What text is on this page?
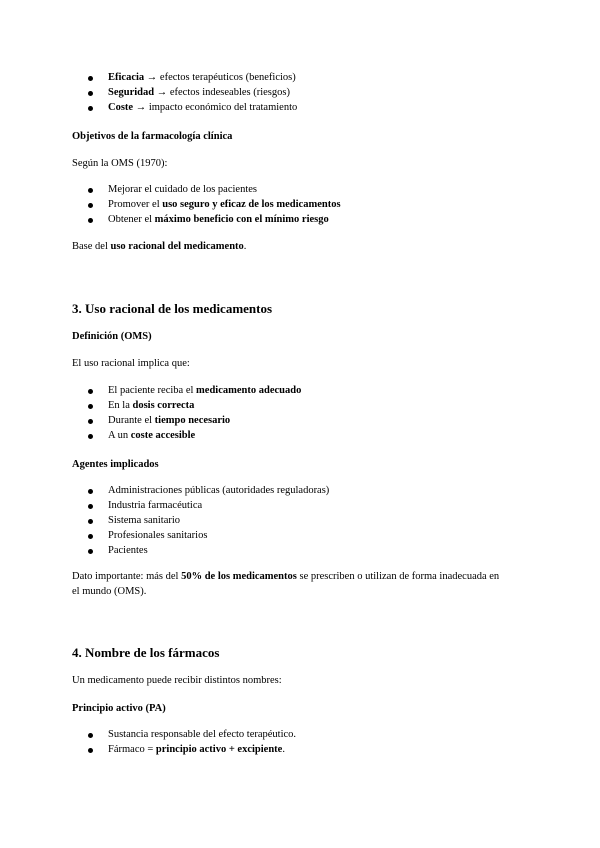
Eficacia → efectos terapéuticos (beneficios)
Seguridad → efectos indeseables (riesgos)
Coste → impacto económico del tratamiento
Objetivos de la farmacología clínica
Según la OMS (1970):
Mejorar el cuidado de los pacientes
Promover el uso seguro y eficaz de los medicamentos
Obtener el máximo beneficio con el mínimo riesgo
Base del uso racional del medicamento.
3. Uso racional de los medicamentos
Definición (OMS)
El uso racional implica que:
El paciente reciba el medicamento adecuado
En la dosis correcta
Durante el tiempo necesario
A un coste accesible
Agentes implicados
Administraciones públicas (autoridades reguladoras)
Industria farmacéutica
Sistema sanitario
Profesionales sanitarios
Pacientes
Dato importante: más del 50% de los medicamentos se prescriben o utilizan de forma inadecuada en
el mundo (OMS).
4. Nombre de los fármacos
Un medicamento puede recibir distintos nombres:
Principio activo (PA)
Sustancia responsable del efecto terapéutico.
Fármaco = principio activo + excipiente.
